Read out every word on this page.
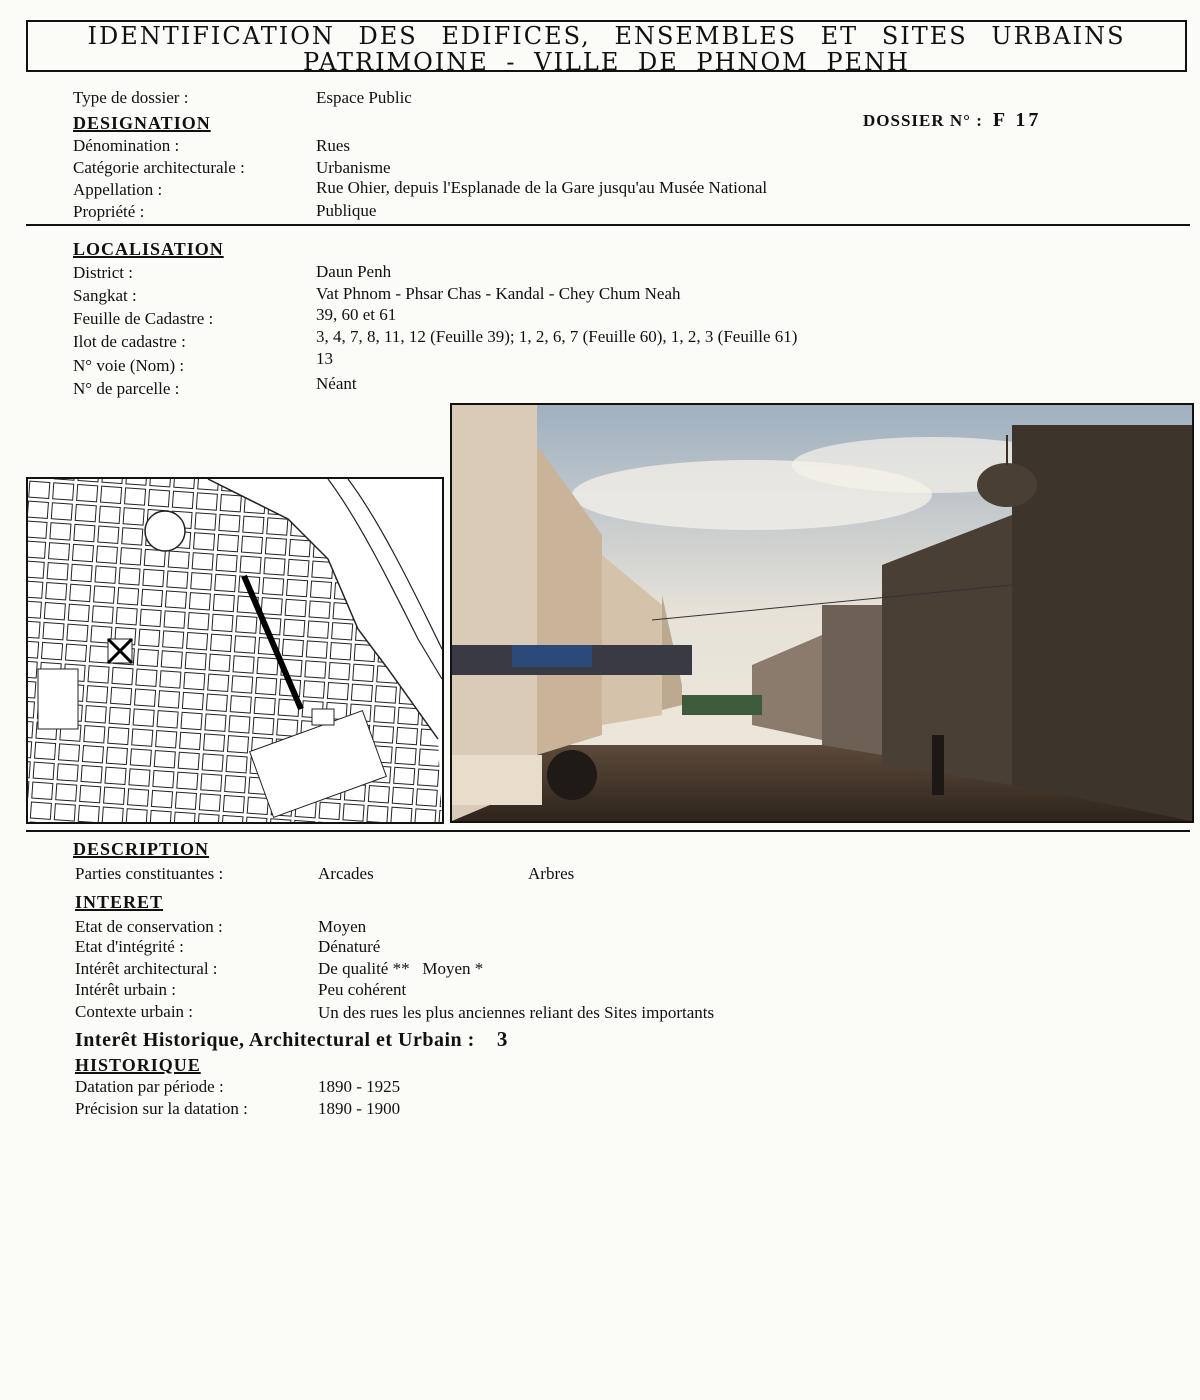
IDENTIFICATION DES EDIFICES, ENSEMBLES ET SITES URBAINS
PATRIMOINE - VILLE DE PHNOM PENH
Type de dossier :	Espace Public
DOSSIER N° : F 17
DESIGNATION
Dénomination :	Rues
Catégorie architecturale :	Urbanisme
Appellation :	Rue Ohier, depuis l'Esplanade de la Gare jusqu'au Musée National
Propriété :	Publique
LOCALISATION
District :	Daun Penh
Sangkat :	Vat Phnom - Phsar Chas - Kandal - Chey Chum Neah
Feuille de Cadastre :	39, 60 et 61
Ilot de cadastre :	3, 4, 7, 8, 11, 12 (Feuille 39); 1, 2, 6, 7 (Feuille 60), 1, 2, 3 (Feuille 61)
N° voie (Nom) :	13
N° de parcelle :	Néant
DESCRIPTION
Parties constituantes :	Arcades	Arbres
INTERET
Etat de conservation :	Moyen
Etat d'intégrité :	Dénaturé
Intérêt architectural :	De qualité **   Moyen *
Intérêt urbain :	Peu cohérent
Contexte urbain :	Un des rues les plus anciennes reliant des Sites importants
Interêt Historique, Architectural et Urbain : 3
HISTORIQUE
Datation par période :	1890 - 1925
Précision sur la datation :	1890 - 1900
